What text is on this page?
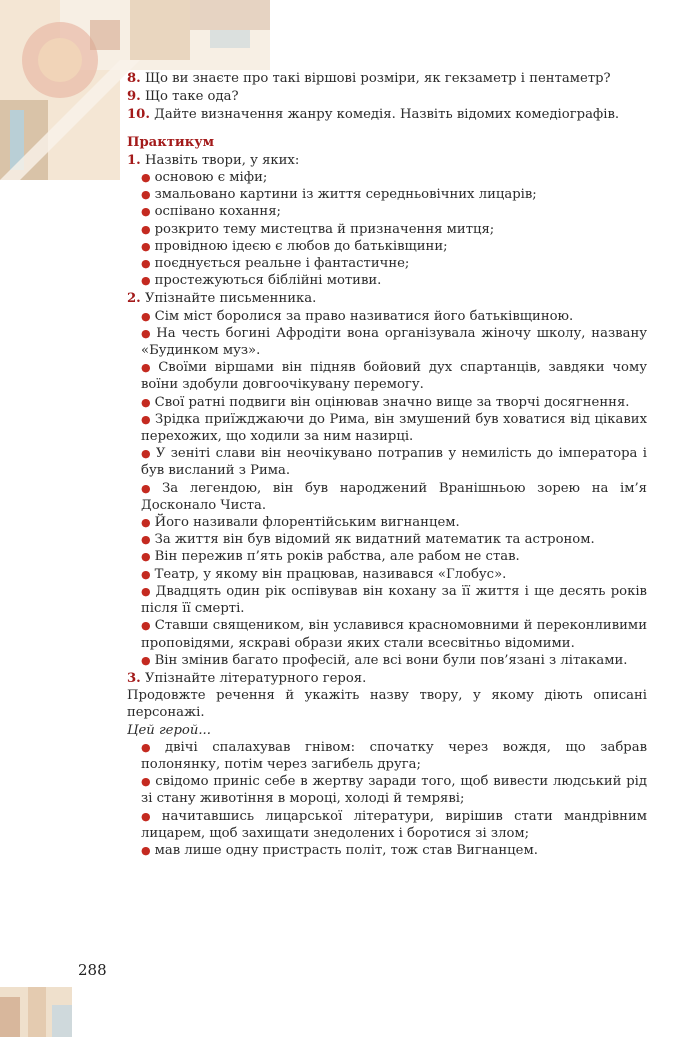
8. Що ви знаєте про такі віршові розміри, як гекзаметр і пентаметр?
9. Що таке ода?
10. Дайте визначення жанру комедія. Назвіть відомих комедіографів.
Практикум
1. Назвіть твори, у яких:
● основою є міфи;
● змальовано картини із життя середньовічних лицарів;
● оспівано кохання;
● розкрито тему мистецтва й призначення митця;
● провідною ідеєю є любов до батьківщини;
● поєднується реальне і фантастичне;
● простежуються біблійні мотиви.
2. Упізнайте письменника.
● Сім міст боролися за право називатися його батьківщиною.
● На честь богині Афродіти вона організувала жіночу школу, названу «Будинком муз».
● Своїми віршами він підняв бойовий дух спартанців, завдяки чому воїни здобули довгоочікувану перемогу.
● Свої ратні подвиги він оцінював значно вище за творчі досягнення.
● Зрідка приїжджаючи до Рима, він змушений був ховатися від цікавих перехожих, що ходили за ним назирці.
● У зеніті слави він неочікувано потрапив у немилість до імператора і був висланий з Рима.
● За легендою, він був народжений Вранішньою зорею на ім’я Досконало Чиста.
● Його називали флорентійським вигнанцем.
● За життя він був відомий як видатний математик та астроном.
● Він пережив п’ять років рабства, але рабом не став.
● Театр, у якому він працював, називався «Глобус».
● Двадцять один рік оспівував він кохану за її життя і ще десять років після її смерті.
● Ставши священиком, він уславився красномовними й переконливими проповідями, яскраві образи яких стали всесвітньо відомими.
● Він змінив багато професій, але всі вони були пов’язані з літаками.
3. Упізнайте літературного героя.
Продовжте речення й укажіть назву твору, у якому діють описані персонажі.
Цей герой...
● двічі спалахував гнівом: спочатку через вождя, що забрав полонянку, потім через загибель друга;
● свідомо приніс себе в жертву заради того, щоб вивести людський рід зі стану животіння в мороці, холоді й темряві;
● начитавшись лицарської літератури, вирішив стати мандрівним лицарем, щоб захищати знедолених і боротися зі злом;
● мав лише одну пристрасть політ, тож став Вигнанцем.
288
